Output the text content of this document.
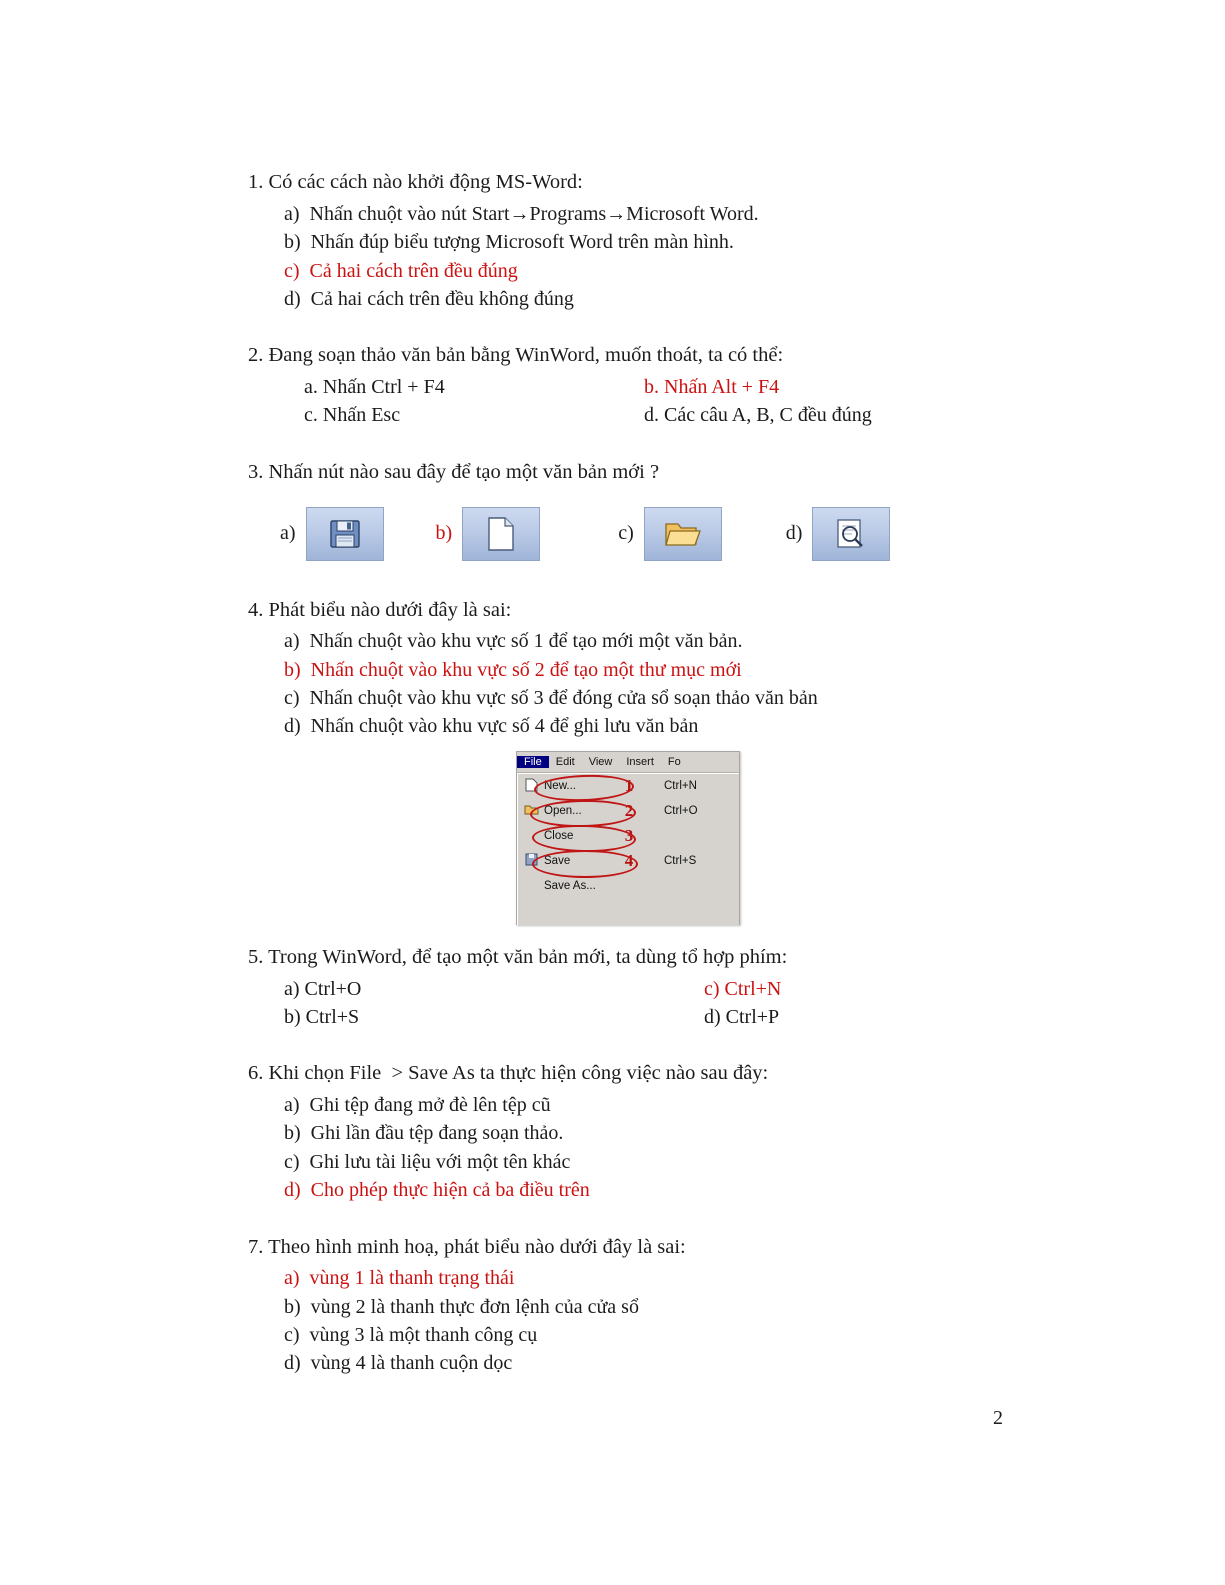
1. Có các cách nào khởi động MS-Word:
a)  Nhấn chuột vào nút Start→Programs→Microsoft Word.
b)  Nhấn đúp biểu tượng Microsoft Word trên màn hình.
c)  Cả hai cách trên đều đúng
d)  Cả hai cách trên đều không đúng
2. Đang soạn thảo văn bản bằng WinWord, muốn thoát, ta có thể:
a. Nhấn Ctrl + F4	b. Nhấn Alt + F4
c. Nhấn Esc	d. Các câu A, B, C đều đúng
3. Nhấn nút nào sau đây để tạo một văn bản mới ?
a)	b)	c)	d)
4. Phát biểu nào dưới đây là sai:
a)  Nhấn chuột vào khu vực số 1 để tạo mới một văn bản.
b)  Nhấn chuột vào khu vực số 2 để tạo một thư mục mới
c)  Nhấn chuột vào khu vực số 3 để đóng cửa sổ soạn thảo văn bản
d)  Nhấn chuột vào khu vực số 4 để ghi lưu văn bản
File	Edit	View	Insert	Fo
New...	1	Ctrl+N
Open...	2	Ctrl+O
Close	3
Save	4	Ctrl+S
Save As...
5. Trong WinWord, để tạo một văn bản mới, ta dùng tổ hợp phím:
a) Ctrl+O	c) Ctrl+N
b) Ctrl+S	d) Ctrl+P
6. Khi chọn File  > Save As ta thực hiện công việc nào sau đây:
a)  Ghi tệp đang mở đè lên tệp cũ
b)  Ghi lần đầu tệp đang soạn thảo.
c)  Ghi lưu tài liệu với một tên khác
d)  Cho phép thực hiện cả ba điều trên
7. Theo hình minh hoạ, phát biểu nào dưới đây là sai:
a)  vùng 1 là thanh trạng thái
b)  vùng 2 là thanh thực đơn lệnh của cửa sổ
c)  vùng 3 là một thanh công cụ
d)  vùng 4 là thanh cuộn dọc
2
